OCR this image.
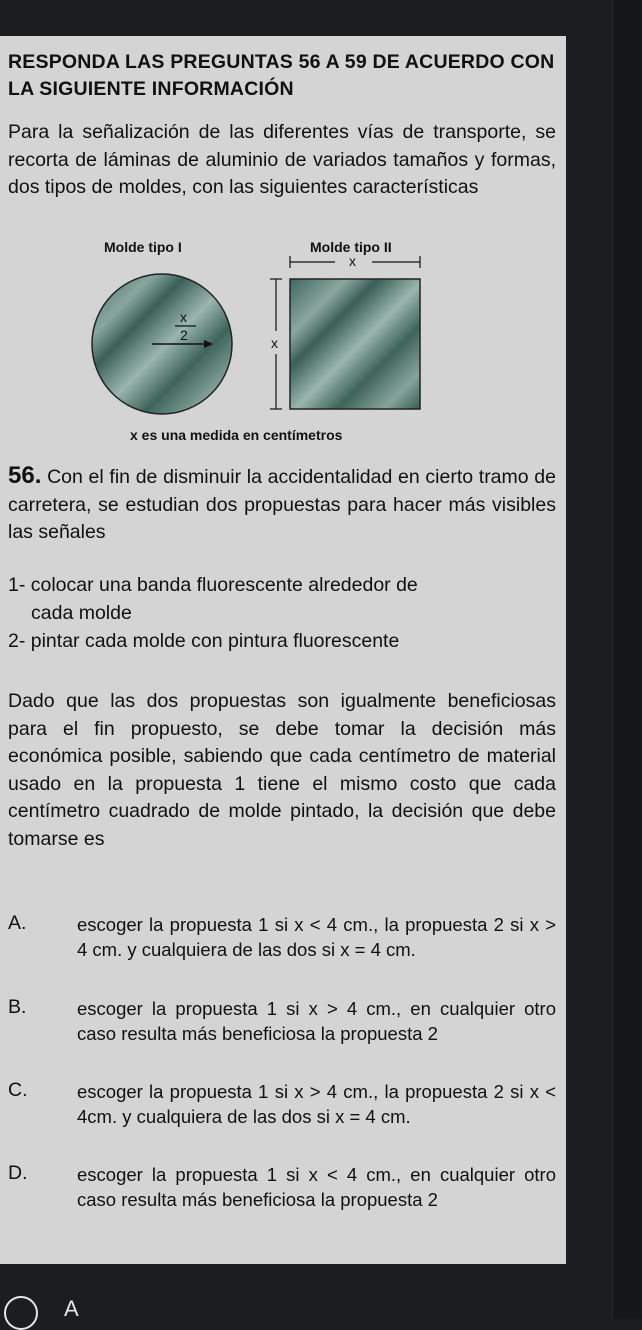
RESPONDA LAS PREGUNTAS 56 A 59 DE ACUERDO CON LA SIGUIENTE INFORMACIÓN
Para la señalización de las diferentes vías de transporte, se recorta de láminas de aluminio de variados tamaños y formas, dos tipos de moldes, con las siguientes características
Molde tipo I	Molde tipo II
x
2
x
x
x es una medida en centímetros
56. Con el fin de disminuir la accidentalidad en cierto tramo de carretera, se estudian dos propuestas para hacer más visibles las señales
1- colocar una banda fluorescente alrededor de
cada molde
2- pintar cada molde con pintura fluorescente
Dado que las dos propuestas son igualmente beneficiosas para el fin propuesto, se debe tomar la decisión más económica posible, sabiendo que cada centímetro de material usado en la propuesta 1 tiene el mismo costo que cada centímetro cuadrado de molde pintado, la decisión que debe tomarse es
A.	escoger la propuesta 1 si x < 4 cm., la propuesta 2 si x > 4 cm. y cualquiera de las dos si x = 4 cm.
B.	escoger la propuesta 1 si x > 4 cm., en cualquier otro caso resulta más beneficiosa la propuesta 2
C.	escoger la propuesta 1 si x > 4 cm., la propuesta 2 si x < 4cm. y cualquiera de las dos si x = 4 cm.
D.	escoger la propuesta 1 si x < 4 cm., en cualquier otro caso resulta más beneficiosa la propuesta 2
A
